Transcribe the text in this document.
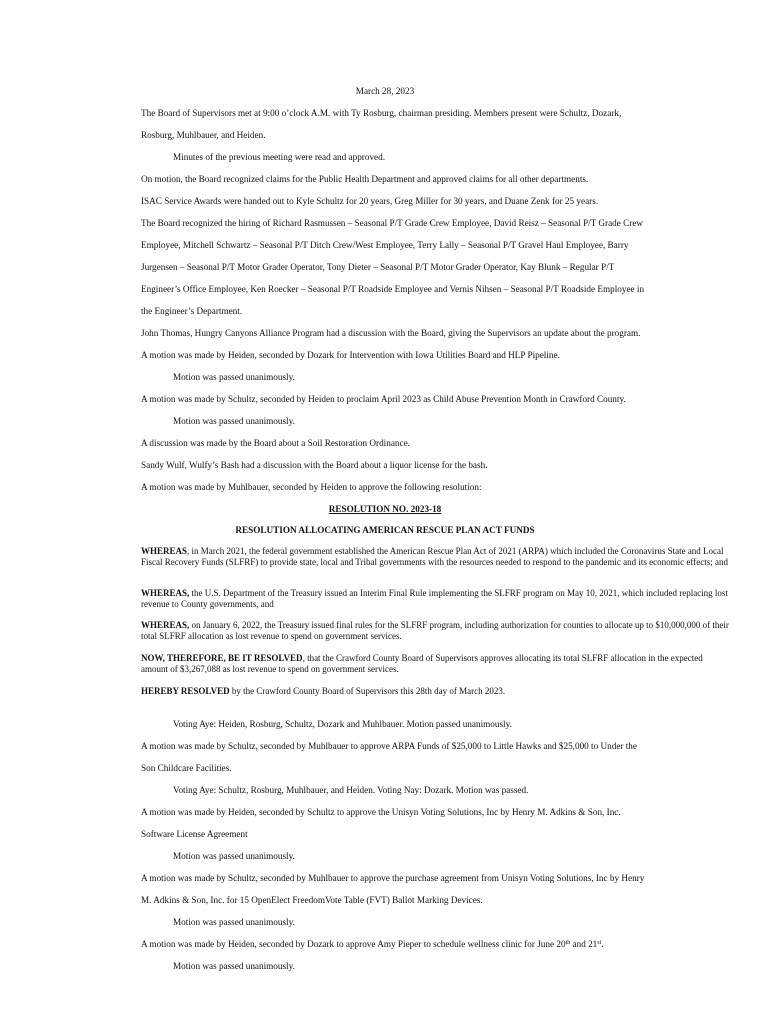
March 28, 2023
The Board of Supervisors met at 9:00 o’clock A.M. with Ty Rosburg, chairman presiding. Members present were Schultz, Dozark,
Rosburg, Muhlbauer, and Heiden.
Minutes of the previous meeting were read and approved.
On motion, the Board recognized claims for the Public Health Department and approved claims for all other departments.
ISAC Service Awards were handed out to Kyle Schultz for 20 years, Greg Miller for 30 years, and Duane Zenk for 25 years.
The Board recognized the hiring of Richard Rasmussen – Seasonal P/T Grade Crew Employee, David Reisz – Seasonal P/T Grade Crew
Employee, Mitchell Schwartz – Seasonal P/T Ditch Crew/West Employee, Terry Lally – Seasonal P/T Gravel Haul Employee, Barry
Jurgensen – Seasonal P/T Motor Grader Operator, Tony Dieter – Seasonal P/T Motor Grader Operator, Kay Blunk – Regular P/T
Engineer’s Office Employee, Ken Roecker – Seasonal P/T Roadside Employee and Vernis Nihsen – Seasonal P/T Roadside Employee in
the Engineer’s Department.
John Thomas, Hungry Canyons Alliance Program had a discussion with the Board, giving the Supervisors an update about the program.
A motion was made by Heiden, seconded by Dozark for Intervention with Iowa Utilities Board and HLP Pipeline.
Motion was passed unanimously.
A motion was made by Schultz, seconded by Heiden to proclaim April 2023 as Child Abuse Prevention Month in Crawford County.
Motion was passed unanimously.
A discussion was made by the Board about a Soil Restoration Ordinance.
Sandy Wulf, Wulfy’s Bash had a discussion with the Board about a liquor license for the bash.
A motion was made by Muhlbauer, seconded by Heiden to approve the following resolution:
RESOLUTION NO. 2023-18
RESOLUTION ALLOCATING AMERICAN RESCUE PLAN ACT FUNDS
WHEREAS, in March 2021, the federal government established the American Rescue Plan Act of 2021 (ARPA) which included the Coronavirus State and Local Fiscal Recovery Funds (SLFRF) to provide state, local and Tribal governments with the resources needed to respond to the pandemic and its economic effects; and
WHEREAS, the U.S. Department of the Treasury issued an Interim Final Rule implementing the SLFRF program on May 10, 2021, which included replacing lost revenue to County governments, and
WHEREAS, on January 6, 2022, the Treasury issued final rules for the SLFRF program, including authorization for counties to allocate up to $10,000,000 of their total SLFRF allocation as lost revenue to spend on government services.
NOW, THEREFORE, BE IT RESOLVED, that the Crawford County Board of Supervisors approves allocating its total SLFRF allocation in the expected amount of $3,267,088 as lost revenue to spend on government services.
HEREBY RESOLVED by the Crawford County Board of Supervisors this 28th day of March 2023.
Voting Aye: Heiden, Rosburg, Schultz, Dozark and Muhlbauer. Motion passed unanimously.
A motion was made by Schultz, seconded by Muhlbauer to approve ARPA Funds of $25,000 to Little Hawks and $25,000 to Under the
Son Childcare Facilities.
Voting Aye: Schultz, Rosburg, Muhlbauer, and Heiden. Voting Nay: Dozark. Motion was passed.
A motion was made by Heiden, seconded by Schultz to approve the Unisyn Voting Solutions, Inc by Henry M. Adkins & Son, Inc.
Software License Agreement
Motion was passed unanimously.
A motion was made by Schultz, seconded by Muhlbauer to approve the purchase agreement from Unisyn Voting Solutions, Inc by Henry
M. Adkins & Son, Inc. for 15 OpenElect FreedomVote Table (FVT) Ballot Marking Devices.
Motion was passed unanimously.
A motion was made by Heiden, seconded by Dozark to approve Amy Pieper to schedule wellness clinic for June 20th and 21st.
Motion was passed unanimously.
